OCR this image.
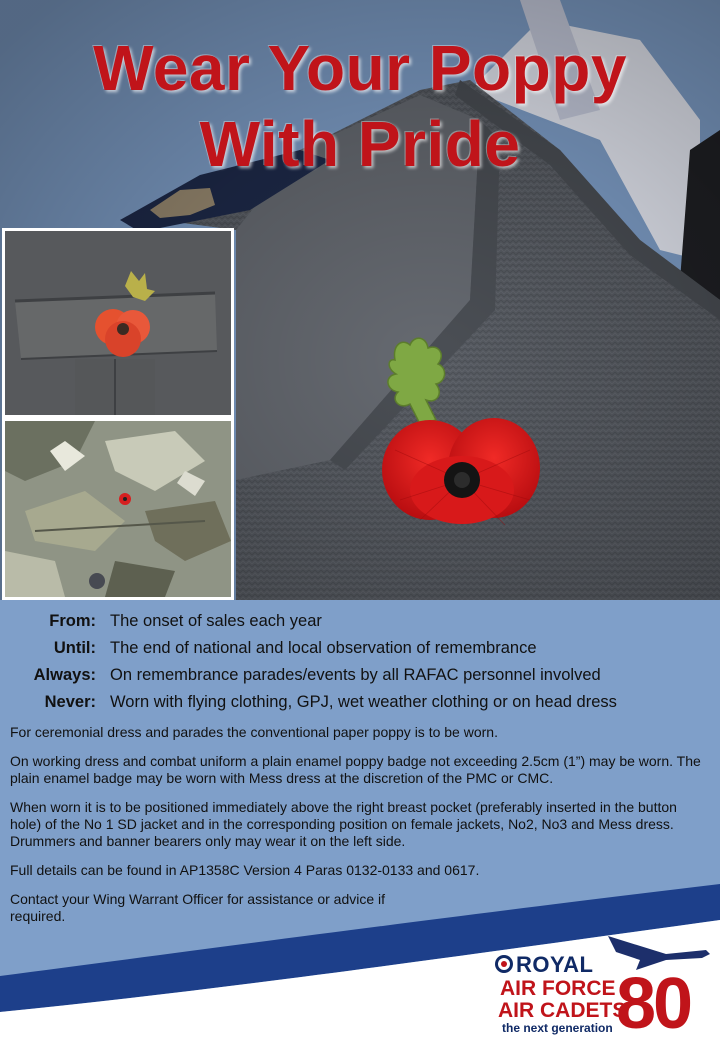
Wear Your Poppy
With Pride
From: The onset of sales each year
Until: The end of national and local observation of remembrance
Always: On remembrance parades/events by all RAFAC personnel involved
Never: Worn with flying clothing, GPJ, wet weather clothing or on head dress

For ceremonial dress and parades the conventional paper poppy is to be worn.

On working dress and combat uniform a plain enamel poppy badge not exceeding 2.5cm (1”) may be worn. The plain enamel badge may be worn with Mess dress at the discretion of the PMC or CMC.

When worn it is to be positioned immediately above the right breast pocket (preferably inserted in the button hole) of the No 1 SD jacket and in the corresponding position on female jackets, No2, No3 and Mess dress. Drummers and banner bearers only may wear it on the left side.

Full details can be found in AP1358C Version 4 Paras 0132-0133 and 0617.

Contact your Wing Warrant Officer for assistance or advice if required.

ROYAL
AIR FORCE
AIR CADETS
the next generation 80
